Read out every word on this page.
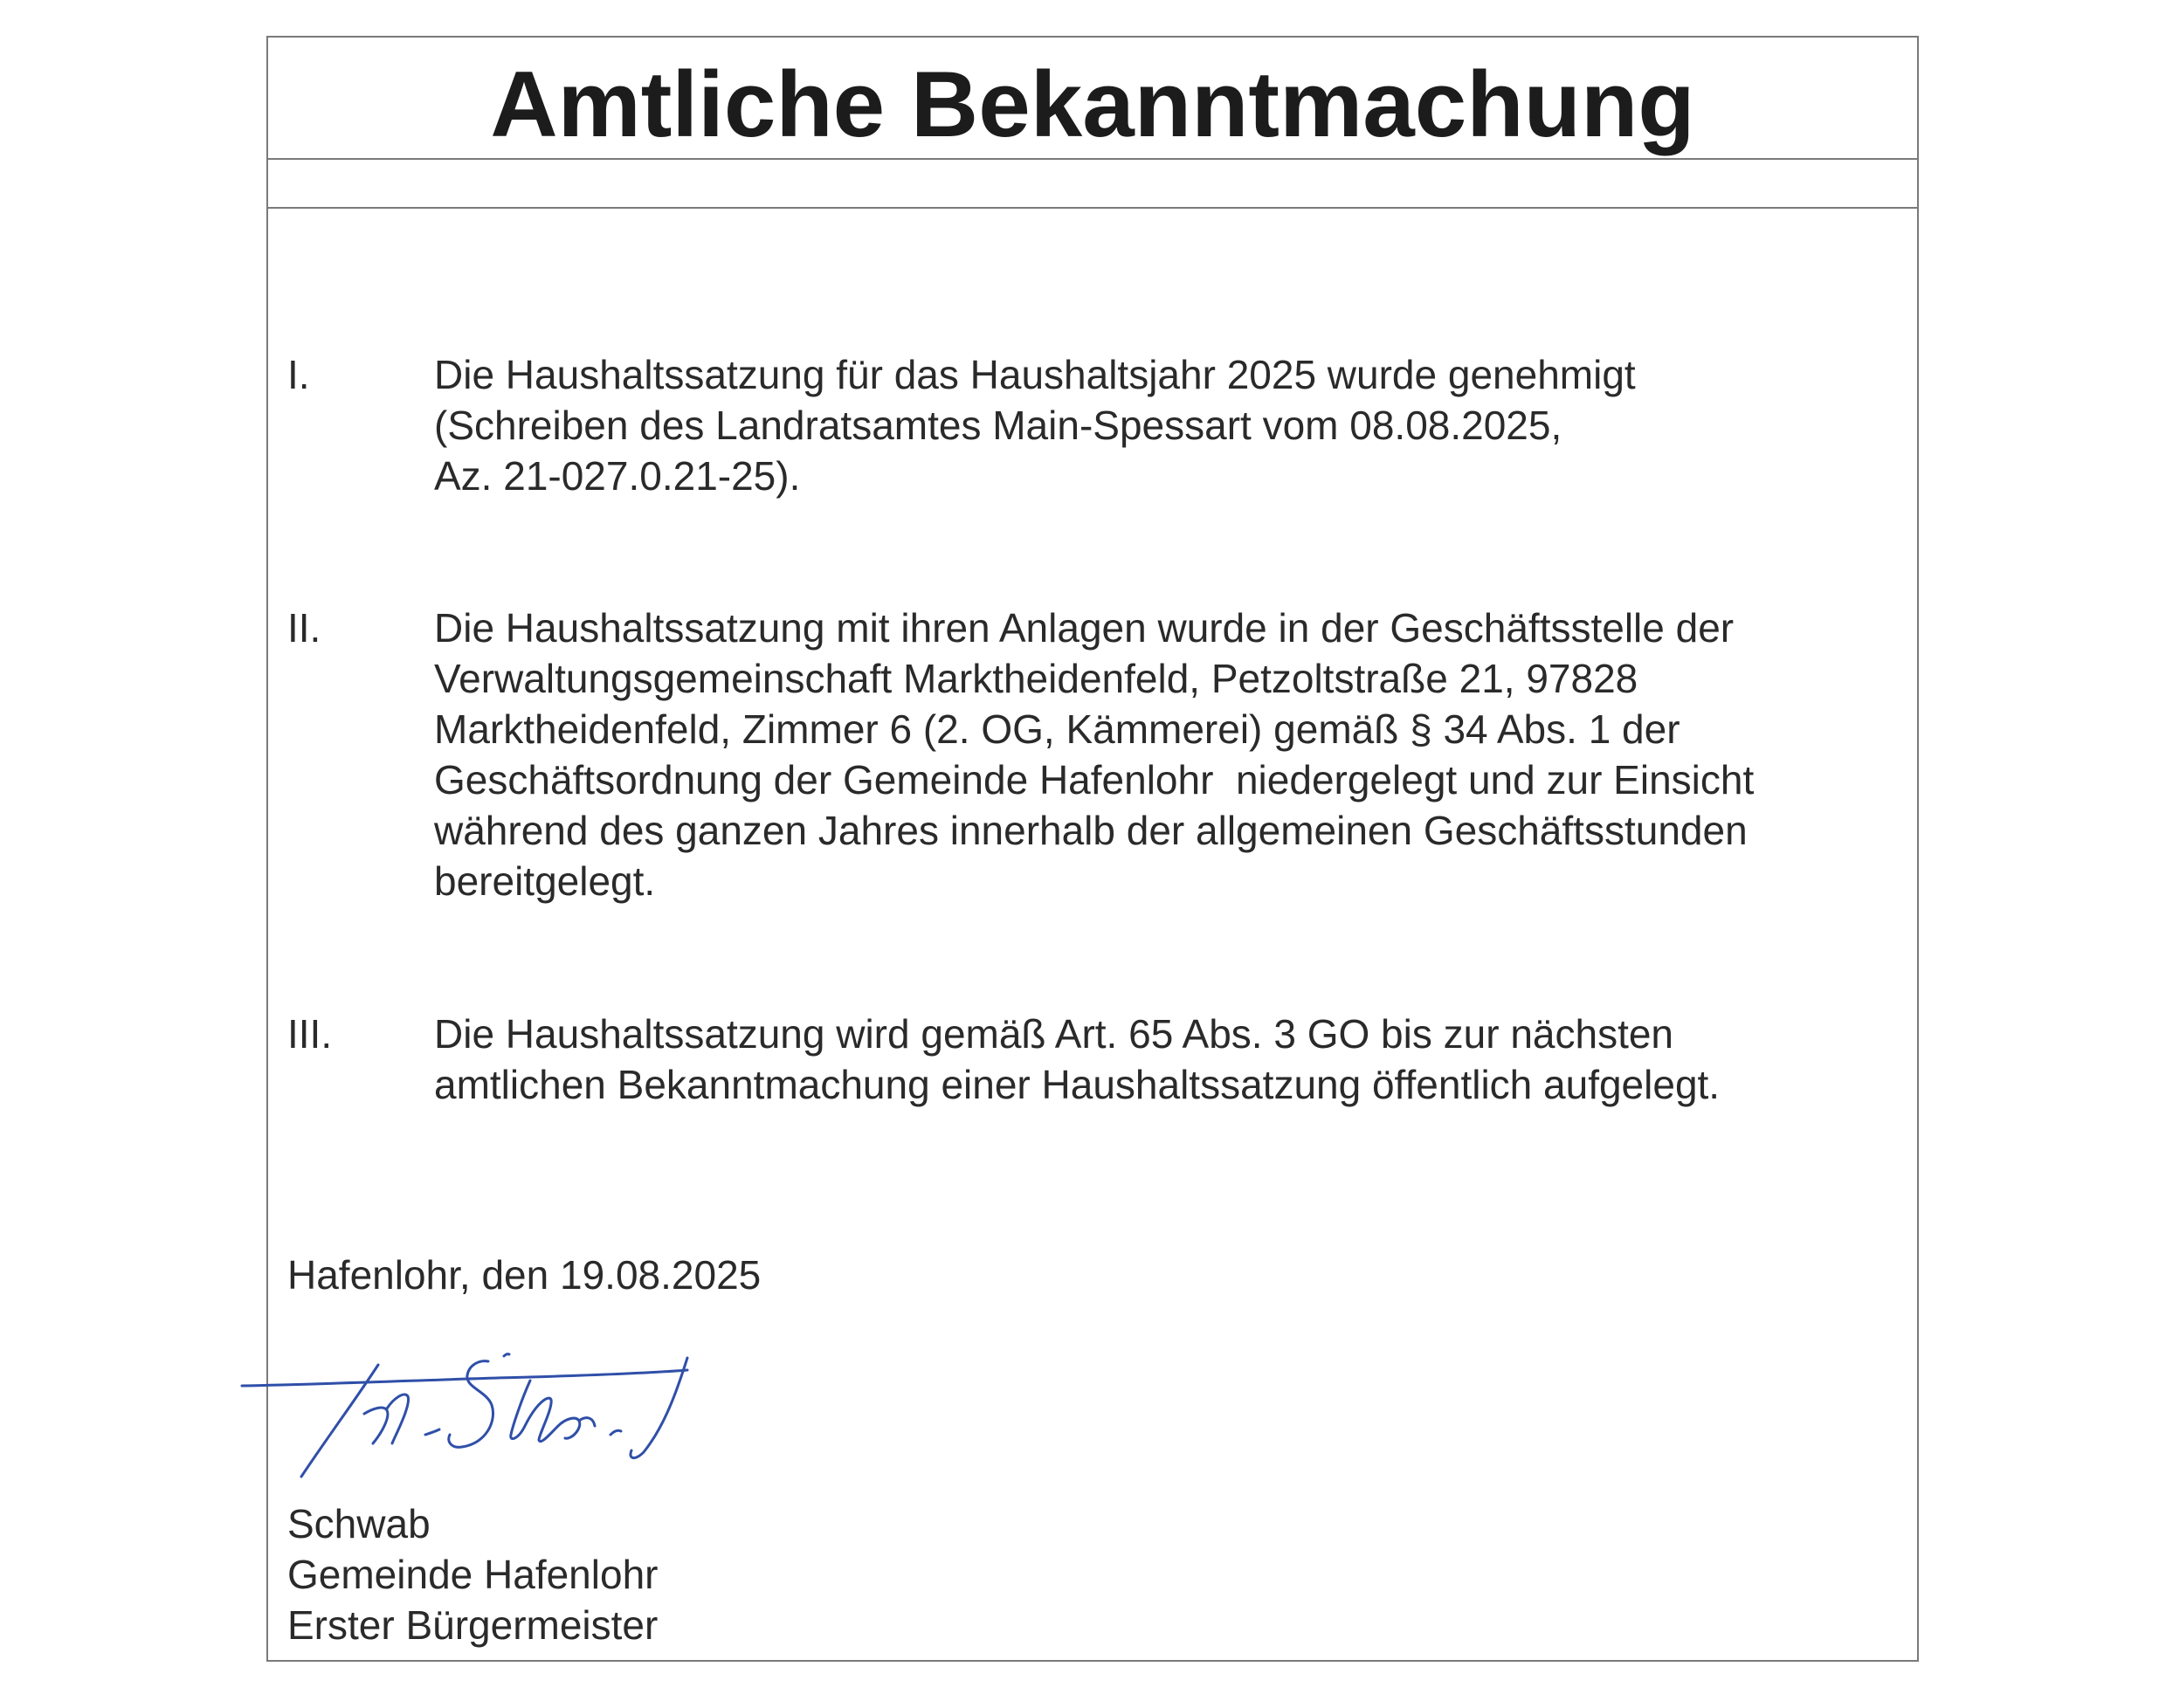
Amtliche Bekanntmachung
I.	Die Haushaltssatzung für das Haushaltsjahr 2025 wurde genehmigt
(Schreiben des Landratsamtes Main-Spessart vom 08.08.2025,
Az. 21-027.0.21-25).
II.	Die Haushaltssatzung mit ihren Anlagen wurde in der Geschäftsstelle der
Verwaltungsgemeinschaft Marktheidenfeld, Petzoltstraße 21, 97828
Marktheidenfeld, Zimmer 6 (2. OG, Kämmerei) gemäß § 34 Abs. 1 der
Geschäftsordnung der Gemeinde Hafenlohr  niedergelegt und zur Einsicht
während des ganzen Jahres innerhalb der allgemeinen Geschäftsstunden
bereitgelegt.
III.	Die Haushaltssatzung wird gemäß Art. 65 Abs. 3 GO bis zur nächsten
amtlichen Bekanntmachung einer Haushaltssatzung öffentlich aufgelegt.
Hafenlohr, den 19.08.2025
Schwab
Gemeinde Hafenlohr
Erster Bürgermeister
